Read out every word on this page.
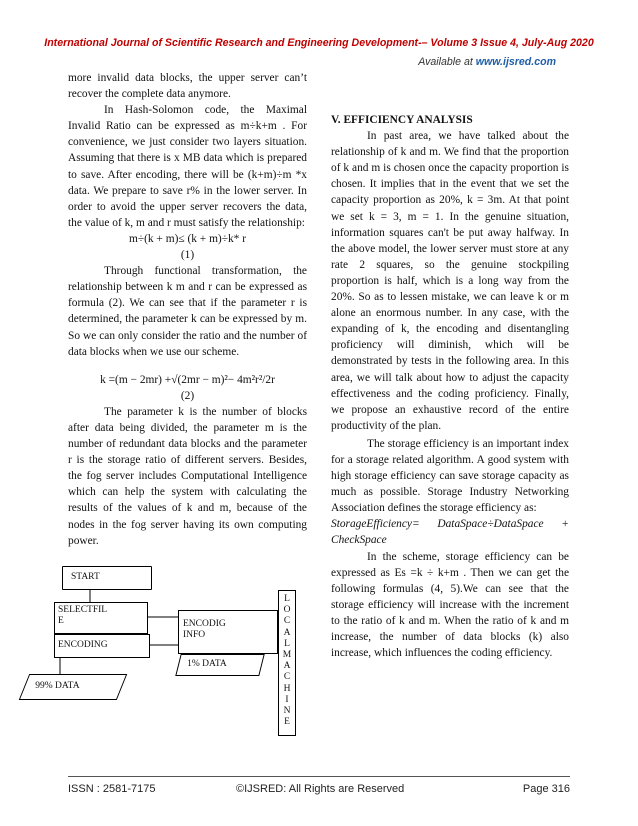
International Journal of Scientific Research and Engineering Development-– Volume 3 Issue 4, July-Aug 2020
Available at www.ijsred.com

more invalid data blocks, the upper server can’t recover the complete data anymore.

In Hash-Solomon code, the Maximal Invalid Ratio can be expressed as m÷k+m . For convenience, we just consider two layers situation. Assuming that there is x MB data which is prepared to save. After encoding, there will be (k+m)÷m *x data. We prepare to save r% in the lower server. In order to avoid the upper server recovers the data, the value of k, m and r must satisfy the relationship:

m÷(k + m)≤ (k + m)÷k* r

(1)

Through functional transformation, the relationship between k m and r can be expressed as formula (2). We can see that if the parameter r is determined, the parameter k can be expressed by m. So we can only consider the ratio and the number of data blocks when we use our scheme.

k =(m − 2mr) +√(2mr − m)²− 4m²r²/2r

(2)

The parameter k is the number of blocks after data being divided, the parameter m is the number of redundant data blocks and the parameter r is the storage ratio of different servers. Besides, the fog server includes Computational Intelligence which can help the system with calculating the results of the values of k and m, because of the nodes in the fog server having its own computing power.

START
SELECTFIL
E
ENCODING
ENCODIG
INFO
1% DATA
99% DATA
L
O
C
A
L
M
A
C
H
I
N
E

V. EFFICIENCY ANALYSIS

In past area, we have talked about the relationship of k and m. We find that the proportion of k and m is chosen once the capacity proportion is chosen. It implies that in the event that we set the capacity proportion as 20%, k = 3m. At that point we set k = 3, m = 1. In the genuine situation, information squares can't be put away halfway. In the above model, the lower server must store at any rate 2 squares, so the genuine stockpiling proportion is half, which is a long way from the 20%. So as to lessen mistake, we can leave k or m alone an enormous number. In any case, with the expanding of k, the encoding and disentangling proficiency will diminish, which will be demonstrated by tests in the following area. In this area, we will talk about how to adjust the capacity effectiveness and the coding proficiency. Finally, we propose an exhaustive record of the entire productivity of the plan.

The storage efficiency is an important index for a storage related algorithm. A good system with high storage efficiency can save storage capacity as much as possible. Storage Industry Networking Association defines the storage efficiency as:

StorageEfficiency= DataSpace÷DataSpace + CheckSpace

In the scheme, storage efficiency can be expressed as Es =k ÷ k+m . Then we can get the following formulas (4, 5).We can see that the storage efficiency will increase with the increment to the ratio of k and m. When the ratio of k and m increase, the number of data blocks (k) also increase, which influences the coding efficiency.

ISSN : 2581-7175	©IJSRED: All Rights are Reserved	Page 316
